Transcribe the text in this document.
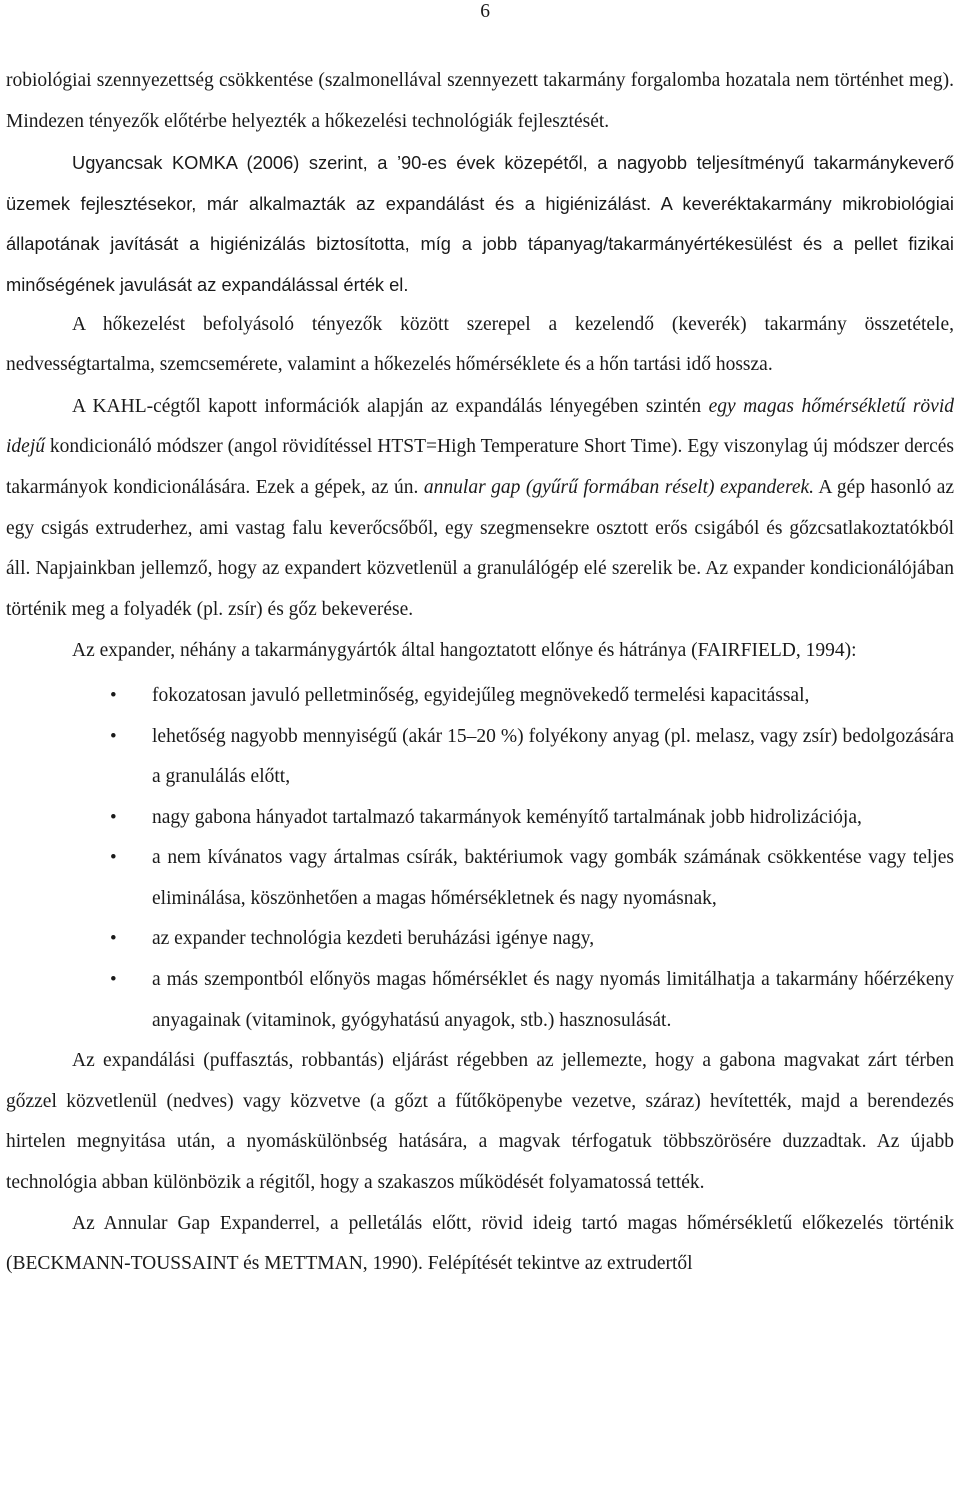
6

robiológiai szennyezettség csökkentése (szalmonellával szennyezett takarmány forgalomba hozatala nem történhet meg). Mindezen tényezők előtérbe helyezték a hőkezelési technológiák fejlesztését.

Ugyancsak KOMKA (2006) szerint, a ’90-es évek közepétől, a nagyobb teljesítményű takarmánykeverő üzemek fejlesztésekor, már alkalmazták az expandálást és a higiénizálást. A keveréktakarmány mikrobiológiai állapotának javítását a higiénizálás biztosította, míg a jobb tápanyag/takarmányértékesülést és a pellet fizikai minőségének javulását az expandálással érték el.

A hőkezelést befolyásoló tényezők között szerepel a kezelendő (keverék) takarmány összetétele, nedvességtartalma, szemcsemérete, valamint a hőkezelés hőmérséklete és a hőn tartási idő hossza.

A KAHL-cégtől kapott információk alapján az expandálás lényegében szintén egy magas hőmérsékletű rövid idejű kondicionáló módszer (angol rövidítéssel HTST=High Temperature Short Time). Egy viszonylag új módszer dercés takarmányok kondicionálására. Ezek a gépek, az ún. annular gap (gyűrű formában réselt) expanderek. A gép hasonló az egy csigás extruderhez, ami vastag falu keverőcsőből, egy szegmensekre osztott erős csigából és gőzcsatlakoztatókból áll. Napjainkban jellemző, hogy az expandert közvetlenül a granulálógép elé szerelik be. Az expander kondicionálójában történik meg a folyadék (pl. zsír) és gőz bekeverése.

Az expander, néhány a takarmánygyártók által hangoztatott előnye és hátránya (FAIRFIELD, 1994):

• fokozatosan javuló pelletminőség, egyidejűleg megnövekedő termelési kapacitással,
• lehetőség nagyobb mennyiségű (akár 15–20 %) folyékony anyag (pl. melasz, vagy zsír) bedolgozására a granulálás előtt,
• nagy gabona hányadot tartalmazó takarmányok keményítő tartalmának jobb hidrolizációja,
• a nem kívánatos vagy ártalmas csírák, baktériumok vagy gombák számának csökkentése vagy teljes eliminálása, köszönhetően a magas hőmérsékletnek és nagy nyomásnak,
• az expander technológia kezdeti beruházási igénye nagy,
• a más szempontból előnyös magas hőmérséklet és nagy nyomás limitálhatja a takarmány hőérzékeny anyagainak (vitaminok, gyógyhatású anyagok, stb.) hasznosulását.

Az expandálási (puffasztás, robbantás) eljárást régebben az jellemezte, hogy a gabona magvakat zárt térben gőzzel közvetlenül (nedves) vagy közvetve (a gőzt a fűtőköpenybe vezetve, száraz) hevítették, majd a berendezés hirtelen megnyitása után, a nyomáskülönbség hatására, a magvak térfogatuk többszörösére duzzadtak. Az újabb technológia abban különbözik a régitől, hogy a szakaszos működését folyamatossá tették.

Az Annular Gap Expanderrel, a pelletálás előtt, rövid ideig tartó magas hőmérsékletű előkezelés történik (BECKMANN-TOUSSAINT és METTMAN, 1990). Felépítését tekintve az extrudertől
